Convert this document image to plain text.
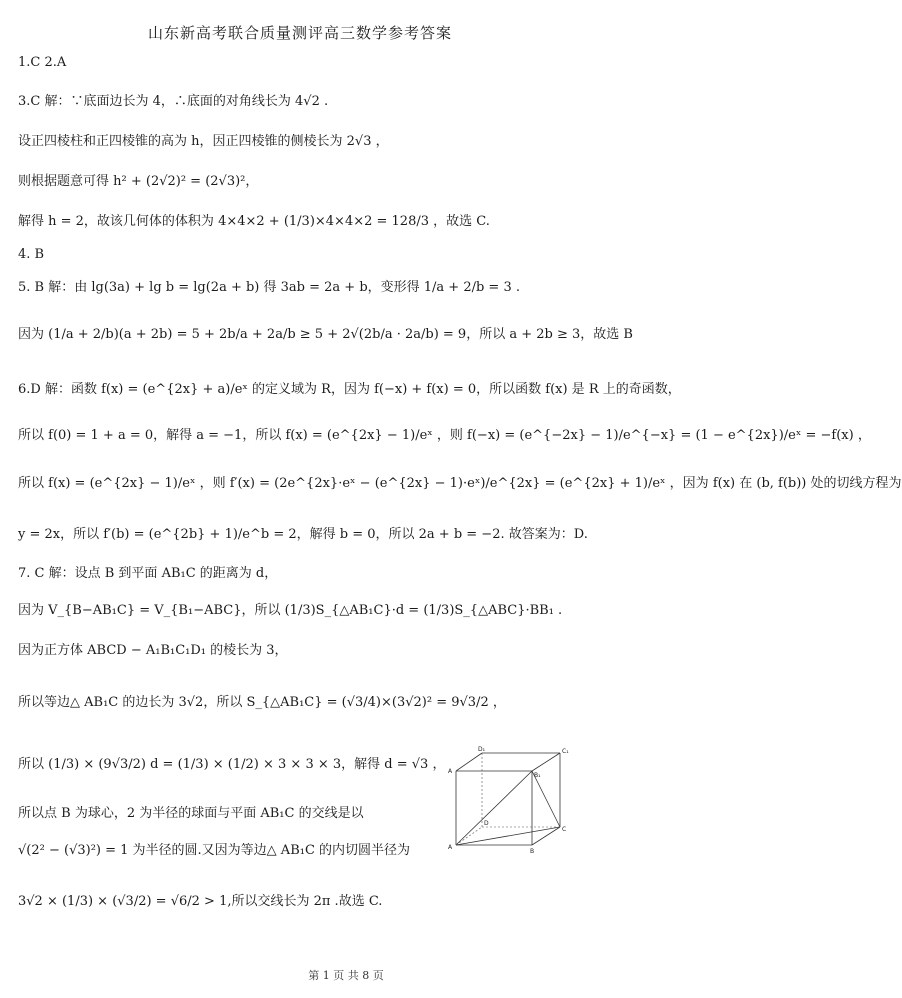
山东新高考联合质量测评高三数学参考答案
1.C 2.A
3.C 解：∵底面边长为 4，∴底面的对角线长为 4√2 .
设正四棱柱和正四棱锥的高为 h，因正四棱锥的侧棱长为 2√3 ，
则根据题意可得 h² + (2√2)² = (2√3)²，
解得 h = 2，故该几何体的体积为 4×4×2 + (1/3)×4×4×2 = 128/3 ，故选 C.
4. B
5. B 解：由 lg(3a) + lg b = lg(2a + b) 得 3ab = 2a + b，变形得 1/a + 2/b = 3 .
因为 (1/a + 2/b)(a + 2b) = 5 + 2b/a + 2a/b ≥ 5 + 2√(2b/a · 2a/b) = 9，所以 a + 2b ≥ 3，故选 B
6.D 解：函数 f(x) = (e^{2x} + a)/eˣ 的定义域为 R，因为 f(−x) + f(x) = 0，所以函数 f(x) 是 R 上的奇函数，
所以 f(0) = 1 + a = 0，解得 a = −1，所以 f(x) = (e^{2x} − 1)/eˣ ，则 f(−x) = (e^{−2x} − 1)/e^{−x} = (1 − e^{2x})/eˣ = −f(x) ，
所以 f(x) = (e^{2x} − 1)/eˣ ，则 f′(x) = (2e^{2x}·eˣ − (e^{2x} − 1)·eˣ)/e^{2x} = (e^{2x} + 1)/eˣ ，因为 f(x) 在 (b, f(b)) 处的切线方程为
y = 2x，所以 f′(b) = (e^{2b} + 1)/e^b = 2，解得 b = 0，所以 2a + b = −2. 故答案为：D.
7. C 解：设点 B 到平面 AB₁C 的距离为 d，
因为 V_{B−AB₁C} = V_{B₁−ABC}，所以 (1/3)S_{△AB₁C}·d = (1/3)S_{△ABC}·BB₁ .
因为正方体 ABCD − A₁B₁C₁D₁ 的棱长为 3，
所以等边△ AB₁C 的边长为 3√2，所以 S_{△AB₁C} = (√3/4)×(3√2)² = 9√3/2 ，
所以 (1/3) × (9√3/2) d = (1/3) × (1/2) × 3 × 3 × 3，解得 d = √3 ，
所以点 B 为球心，2 为半径的球面与平面 AB₁C 的交线是以
√(2² − (√3)²) = 1 为半径的圆.又因为等边△ AB₁C 的内切圆半径为
3√2 × (1/3) × (√3/2) = √6/2 > 1,所以交线长为 2π .故选 C.
D₁	C₁
A
B₁
D
C
A
B
第 1 页 共 8 页
